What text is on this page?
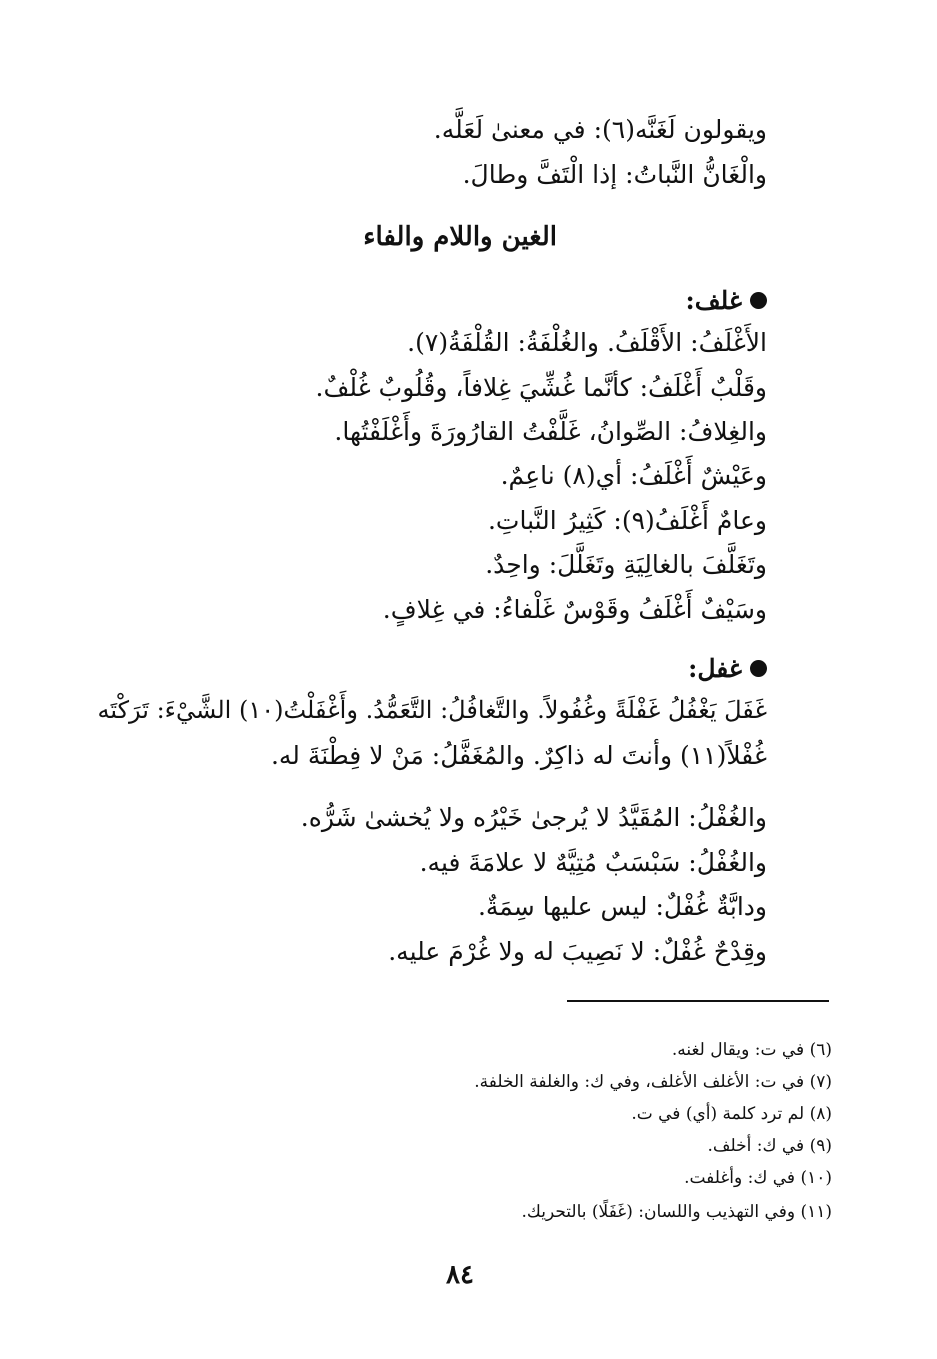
ويقولون لَغَنَّه(٦): في معنىٰ لَعَلَّه.
والْغَانُّ النَّباتُ: إذا الْتَفَّ وطالَ.
الغين واللام والفاء
غلف:
الأَغْلَفُ: الأَقْلَفُ. والغُلْفَةُ: القُلْفَةُ(٧).
وقَلْبٌ أَغْلَفُ: كأنَّما غُشِّيَ غِلافاً، وقُلُوبٌ غُلْفٌ.
والغِلافُ: الصِّوانُ، غَلَّفْتُ القارُورَةَ وأَغْلَفْتُها.
وعَيْشٌ أَغْلَفُ: أي(٨) ناعِمٌ.
وعامٌ أَغْلَفُ(٩): كَثِيرُ النَّباتِ.
وتَغَلَّفَ بالغالِيَةِ وتَغَلَّلَ: واحِدٌ.
وسَيْفٌ أَغْلَفُ وقَوْسٌ غَلْفاءُ: في غِلافٍ.
غفل:
غَفَلَ يَغْفُلُ غَفْلَةً وغُفُولاً. والتَّغافُلُ: التَّعَمُّدُ. وأَغْفَلْتُ(١٠) الشَّيْءَ: تَرَكْتَه
غُفْلاً(١١) وأنتَ له ذاكِرٌ. والمُغَفَّلُ: مَنْ لا فِطْنَةَ له.
والغُفْلُ: المُقَيَّدُ لا يُرجىٰ خَيْرُه ولا يُخشىٰ شَرُّه.
والغُفْلُ: سَبْسَبٌ مُتِيَّهٌ لا علامَةَ فيه.
ودابَّةٌ غُفْلٌ: ليس عليها سِمَةٌ.
وقِدْحٌ غُفْلٌ: لا نَصِيبَ له ولا غُرْمَ عليه.
(٦) في ت: ويقال لغنه.
(٧) في ت: الأغلف الأغلف، وفي ك: والغلفة الخلفة.
(٨) لم ترد كلمة (أي) في ت.
(٩) في ك: أخلف.
(١٠) في ك: وأغلفت.
(١١) وفي التهذيب واللسان: (غَفَلًا) بالتحريك.
٨٤
